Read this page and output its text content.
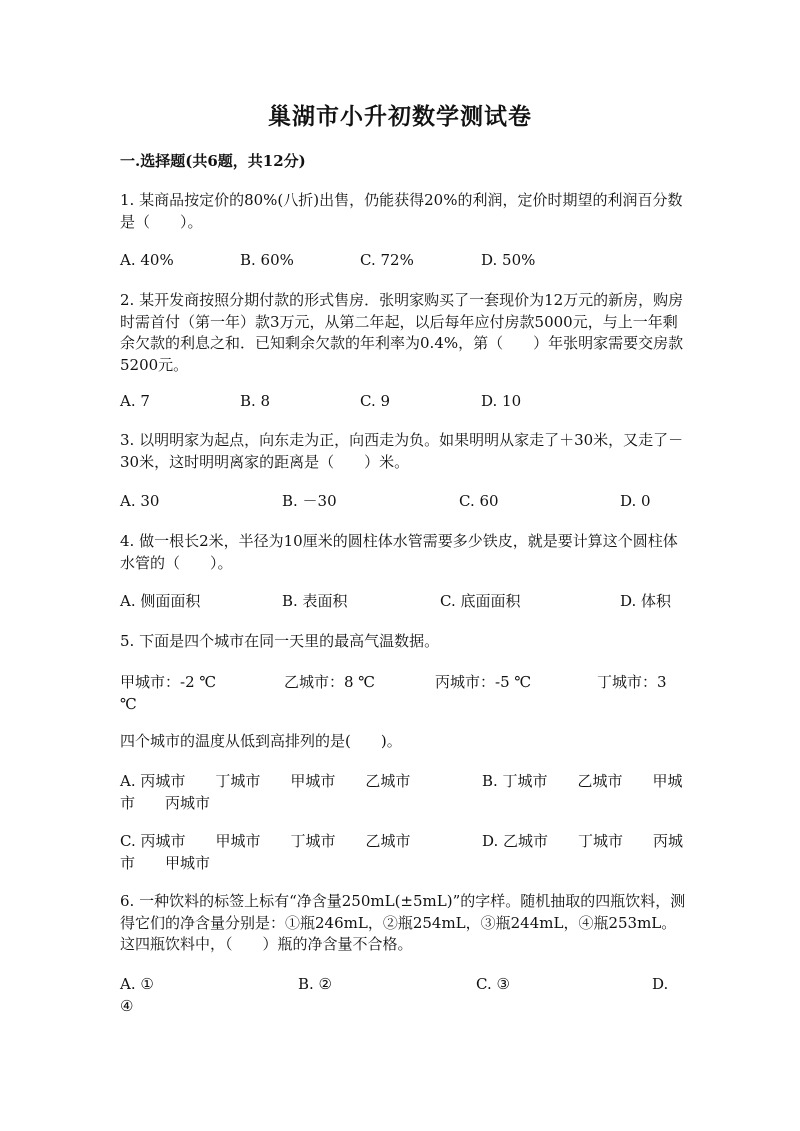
巢湖市小升初数学测试卷
一.选择题(共6题，共12分)
1. 某商品按定价的80%(八折)出售，仍能获得20%的利润，定价时期望的利润百分数是（　　）。
A. 40%	B. 60%	C. 72%	D. 50%
2. 某开发商按照分期付款的形式售房．张明家购买了一套现价为12万元的新房，购房时需首付（第一年）款3万元，从第二年起，以后每年应付房款5000元，与上一年剩余欠款的利息之和．已知剩余欠款的年利率为0.4%，第（　　）年张明家需要交房款5200元。
A. 7	B. 8	C. 9	D. 10
3. 以明明家为起点，向东走为正，向西走为负。如果明明从家走了＋30米，又走了－30米，这时明明离家的距离是（　　）米。
A. 30	B. －30	C. 60	D. 0
4. 做一根长2米，半径为10厘米的圆柱体水管需要多少铁皮，就是要计算这个圆柱体水管的（　　）。
A. 侧面面积	B. 表面积	C. 底面面积	D. 体积
5. 下面是四个城市在同一天里的最高气温数据。
甲城市：-2 ℃	乙城市：8 ℃	丙城市：-5 ℃	丁城市：3
℃
四个城市的温度从低到高排列的是(　　)。
A. 丙城市　　丁城市　　甲城市　　乙城市	B. 丁城市　　乙城市　　甲城
市　　丙城市
C. 丙城市　　甲城市　　丁城市　　乙城市	D. 乙城市　　丁城市　　丙城
市　　甲城市
6. 一种饮料的标签上标有“净含量250mL(±5mL)”的字样。随机抽取的四瓶饮料，测得它们的净含量分别是：①瓶246mL，②瓶254mL，③瓶244mL，④瓶253mL。这四瓶饮料中，（　　）瓶的净含量不合格。
A. ①	B. ②	C. ③	D.
④
